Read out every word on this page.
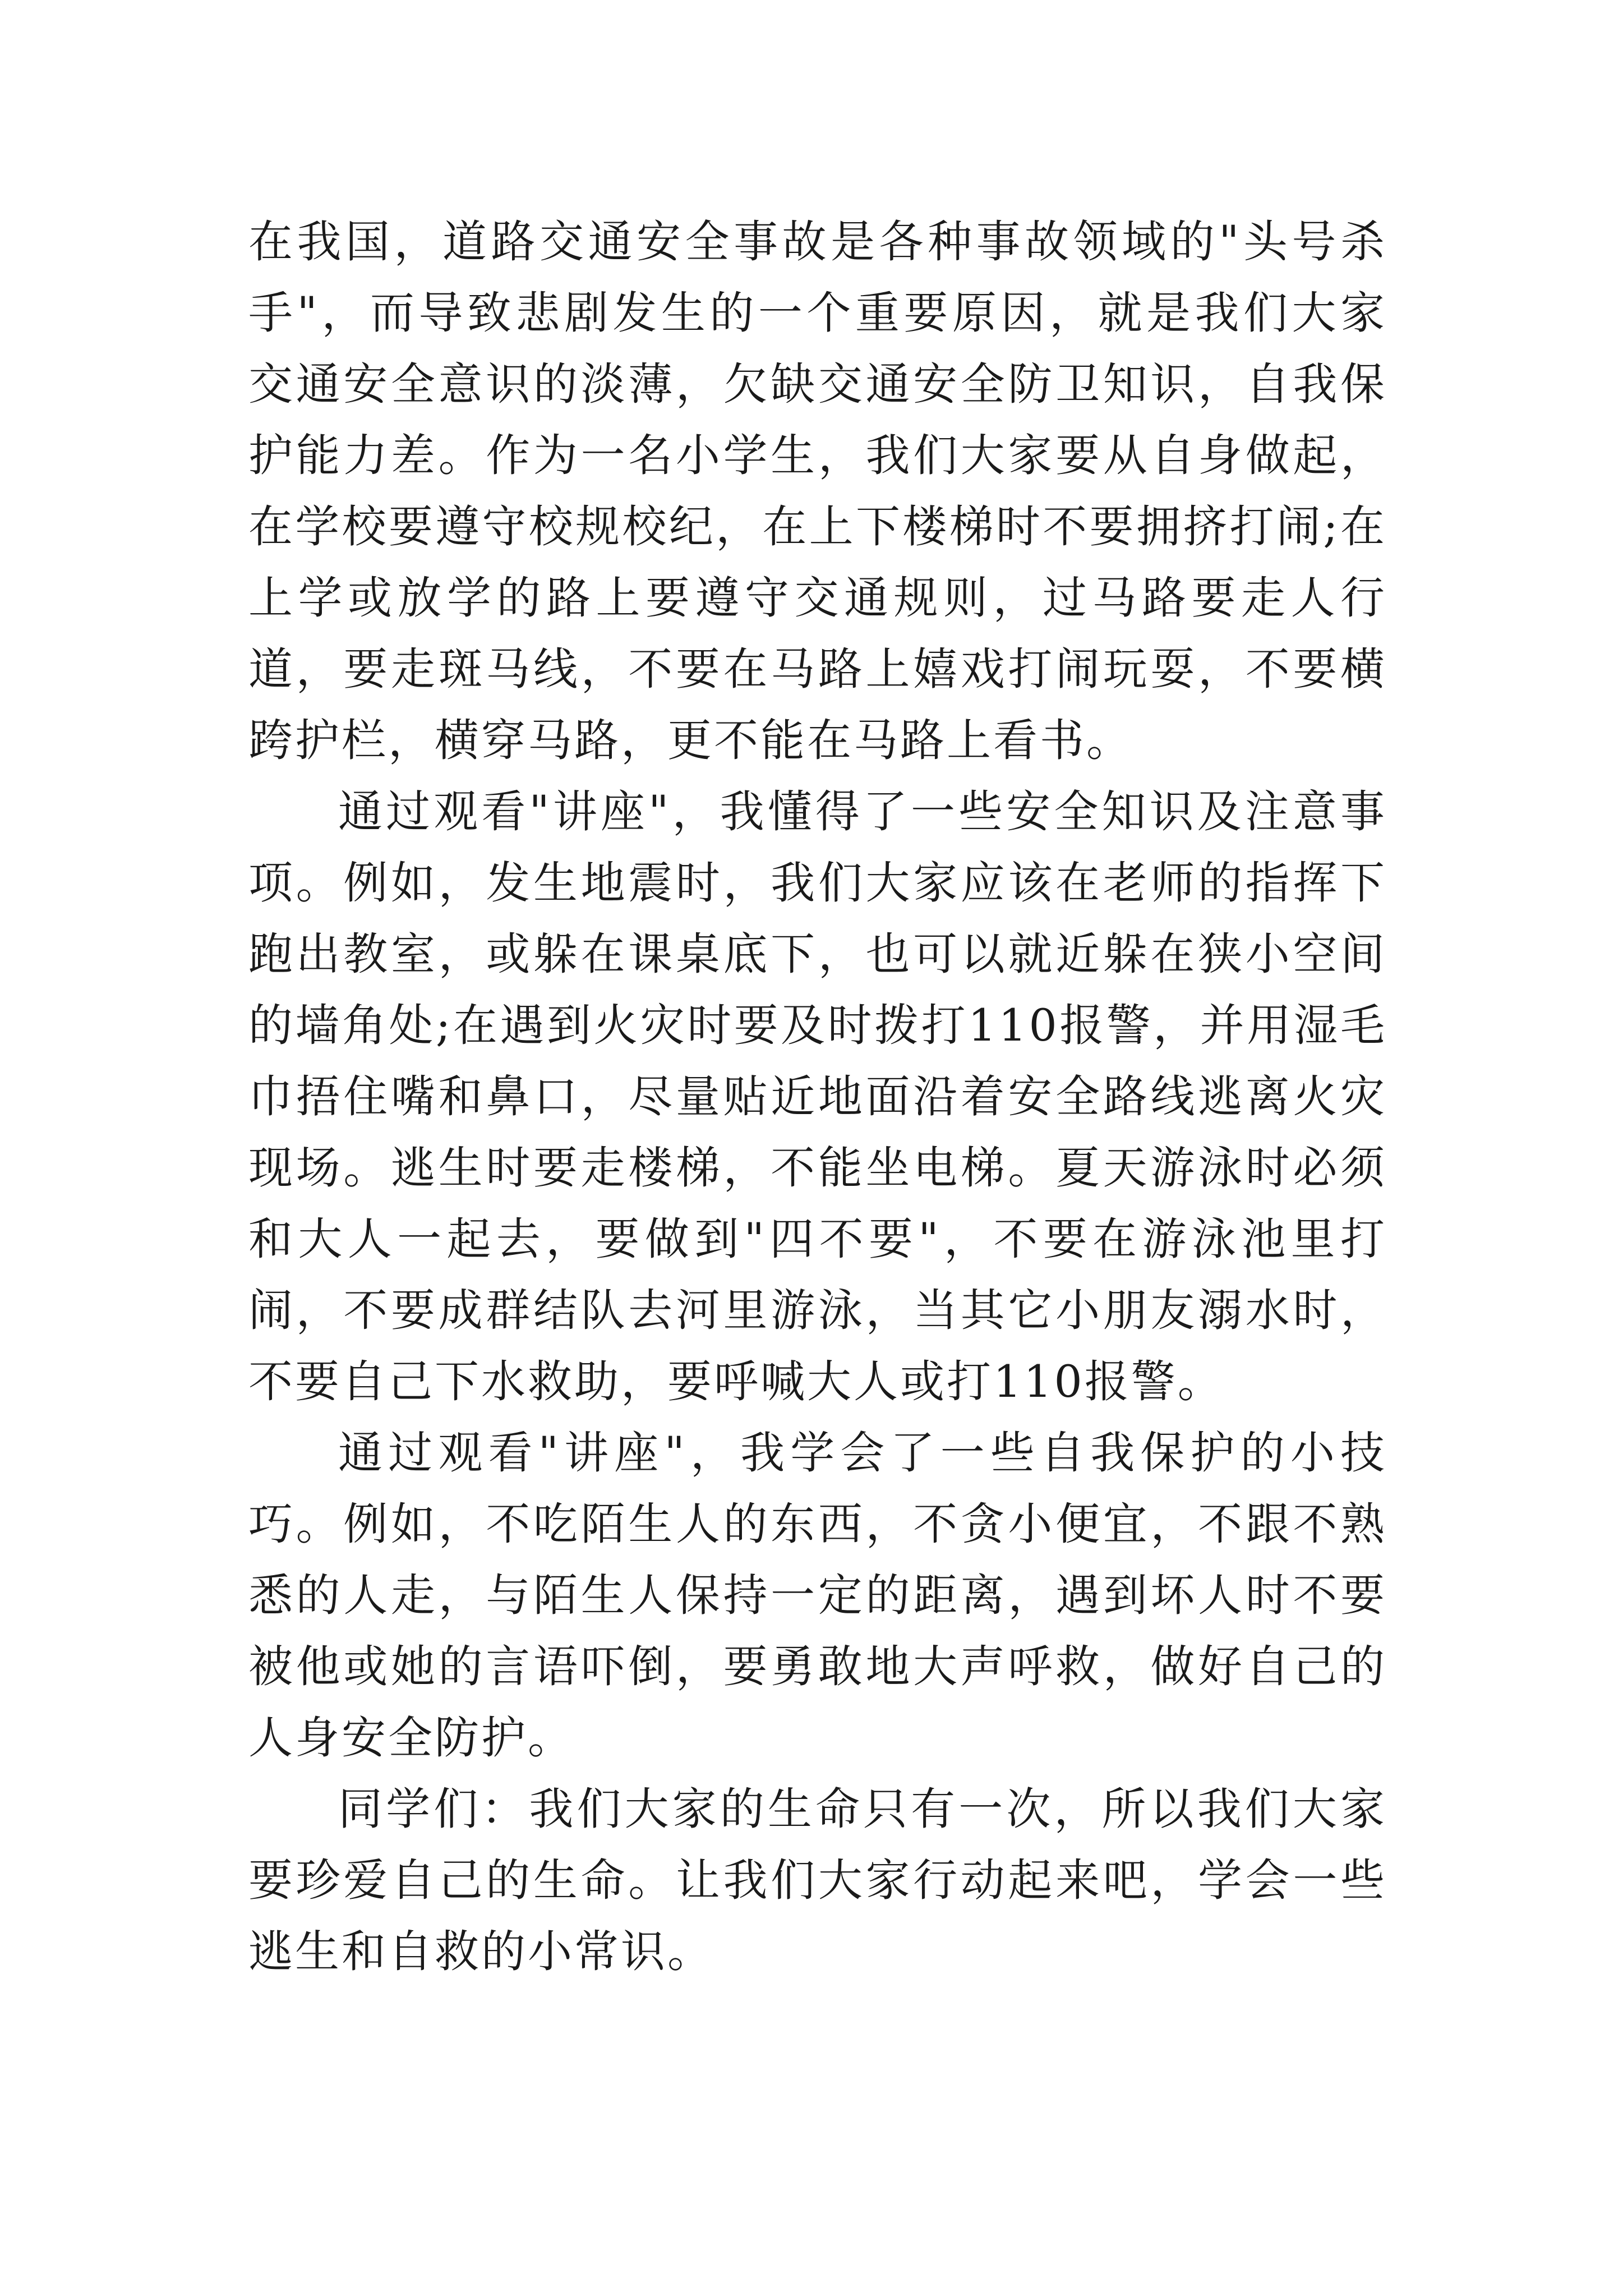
在我国，道路交通安全事故是各种事故领域的"头号杀手"，而导致悲剧发生的一个重要原因，就是我们大家交通安全意识的淡薄，欠缺交通安全防卫知识，自我保护能力差。作为一名小学生，我们大家要从自身做起，在学校要遵守校规校纪，在上下楼梯时不要拥挤打闹;在上学或放学的路上要遵守交通规则，过马路要走人行道，要走斑马线，不要在马路上嬉戏打闹玩耍，不要横跨护栏，横穿马路，更不能在马路上看书。

通过观看"讲座"，我懂得了一些安全知识及注意事项。例如，发生地震时，我们大家应该在老师的指挥下跑出教室，或躲在课桌底下，也可以就近躲在狭小空间的墙角处;在遇到火灾时要及时拨打110报警，并用湿毛巾捂住嘴和鼻口，尽量贴近地面沿着安全路线逃离火灾现场。逃生时要走楼梯，不能坐电梯。夏天游泳时必须和大人一起去，要做到"四不要"，不要在游泳池里打闹，不要成群结队去河里游泳，当其它小朋友溺水时，不要自己下水救助，要呼喊大人或打110报警。

通过观看"讲座"，我学会了一些自我保护的小技巧。例如，不吃陌生人的东西，不贪小便宜，不跟不熟悉的人走，与陌生人保持一定的距离，遇到坏人时不要被他或她的言语吓倒，要勇敢地大声呼救，做好自己的人身安全防护。

同学们：我们大家的生命只有一次，所以我们大家要珍爱自己的生命。让我们大家行动起来吧，学会一些逃生和自救的小常识。
